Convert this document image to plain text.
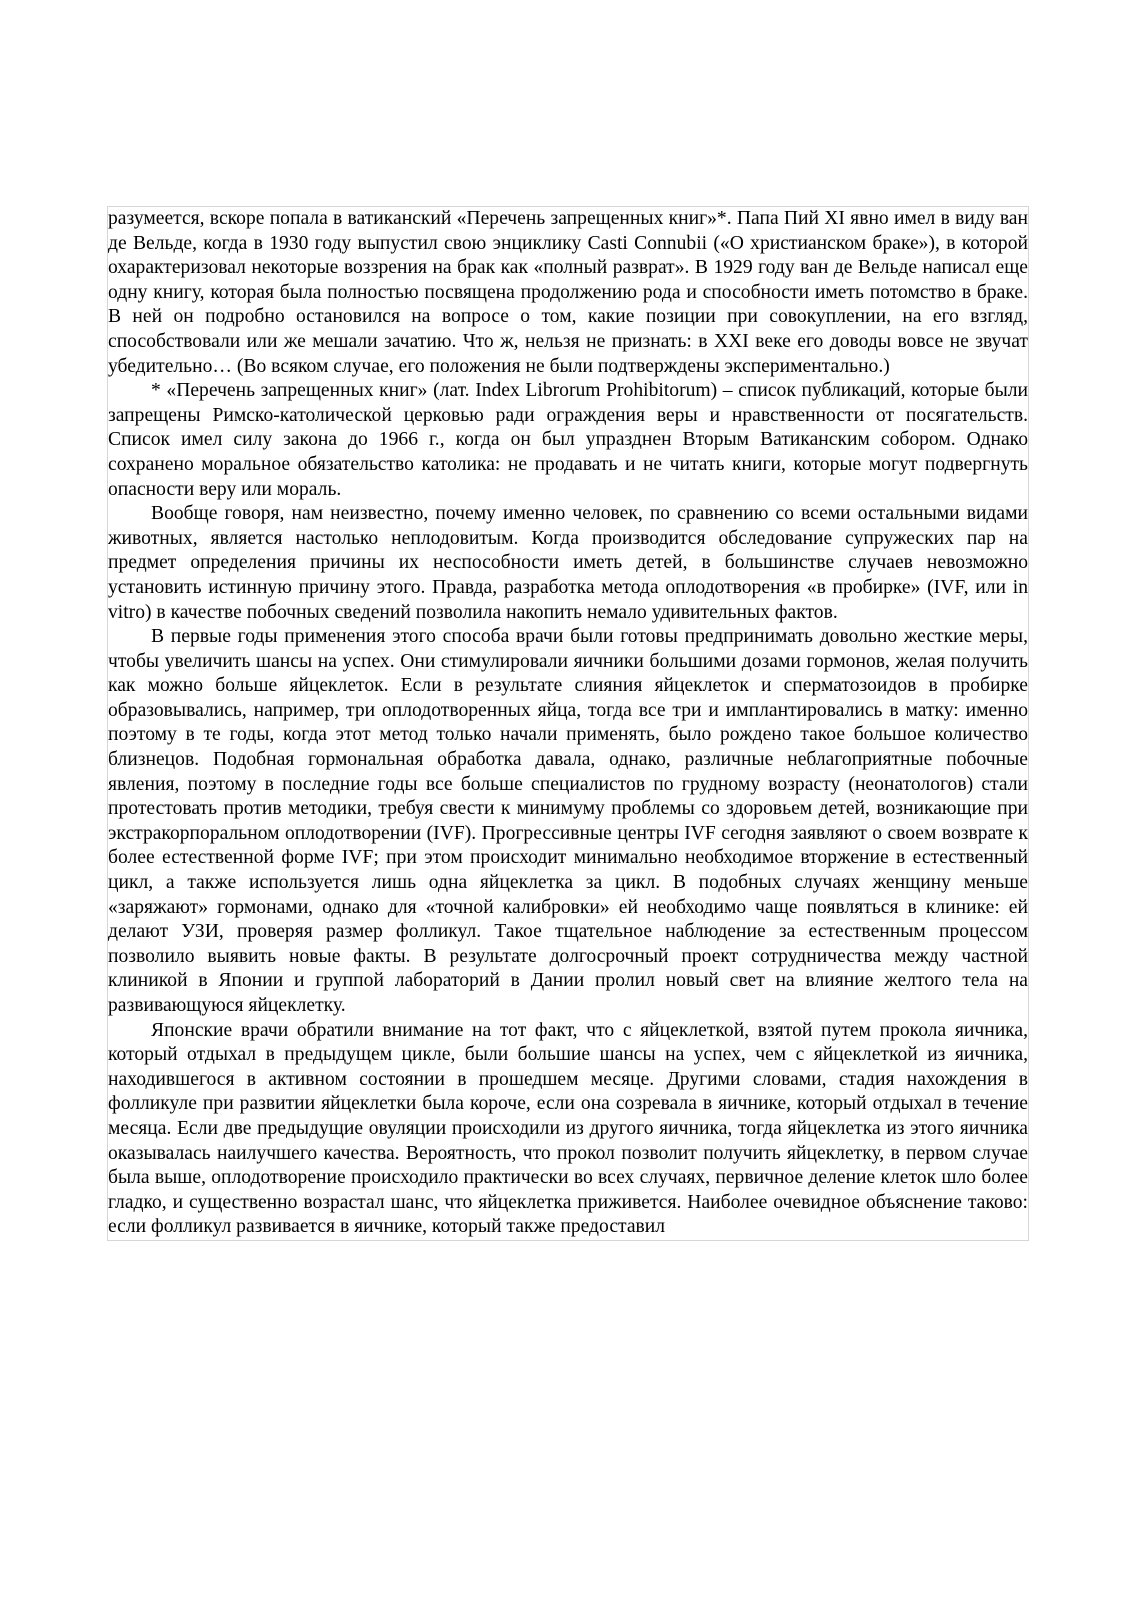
разумеется, вскоре попала в ватиканский «Перечень запрещенных книг»*. Папа Пий XI явно имел в виду ван де Вельде, когда в 1930 году выпустил свою энциклику Casti Connubii («О христианском браке»), в которой охарактеризовал некоторые воззрения на брак как «полный разврат». В 1929 году ван де Вельде написал еще одну книгу, которая была полностью посвящена продолжению рода и способности иметь потомство в браке. В ней он подробно остановился на вопросе о том, какие позиции при совокуплении, на его взгляд, способствовали или же мешали зачатию. Что ж, нельзя не признать: в XXI веке его доводы вовсе не звучат убедительно… (Во всяком случае, его положения не были подтверждены экспериментально.)

* «Перечень запрещенных книг» (лат. Index Librorum Prohibitorum) – список публикаций, которые были запрещены Римско-католической церковью ради ограждения веры и нравственности от посягательств. Список имел силу закона до 1966 г., когда он был упразднен Вторым Ватиканским собором. Однако сохранено моральное обязательство католика: не продавать и не читать книги, которые могут подвергнуть опасности веру или мораль.

Вообще говоря, нам неизвестно, почему именно человек, по сравнению со всеми остальными видами животных, является настолько неплодовитым. Когда производится обследование супружеских пар на предмет определения причины их неспособности иметь детей, в большинстве случаев невозможно установить истинную причину этого. Правда, разработка метода оплодотворения «в пробирке» (IVF, или in vitro) в качестве побочных сведений позволила накопить немало удивительных фактов.

В первые годы применения этого способа врачи были готовы предпринимать довольно жесткие меры, чтобы увеличить шансы на успех. Они стимулировали яичники большими дозами гормонов, желая получить как можно больше яйцеклеток. Если в результате слияния яйцеклеток и сперматозоидов в пробирке образовывались, например, три оплодотворенных яйца, тогда все три и имплантировались в матку: именно поэтому в те годы, когда этот метод только начали применять, было рождено такое большое количество близнецов. Подобная гормональная обработка давала, однако, различные неблагоприятные побочные явления, поэтому в последние годы все больше специалистов по грудному возрасту (неонатологов) стали протестовать против методики, требуя свести к минимуму проблемы со здоровьем детей, возникающие при экстракорпоральном оплодотворении (IVF). Прогрессивные центры IVF сегодня заявляют о своем возврате к более естественной форме IVF; при этом происходит минимально необходимое вторжение в естественный цикл, а также используется лишь одна яйцеклетка за цикл. В подобных случаях женщину меньше «заряжают» гормонами, однако для «точной калибровки» ей необходимо чаще появляться в клинике: ей делают УЗИ, проверяя размер фолликул. Такое тщательное наблюдение за естественным процессом позволило выявить новые факты. В результате долгосрочный проект сотрудничества между частной клиникой в Японии и группой лабораторий в Дании пролил новый свет на влияние желтого тела на развивающуюся яйцеклетку.

Японские врачи обратили внимание на тот факт, что с яйцеклеткой, взятой путем прокола яичника, который отдыхал в предыдущем цикле, были большие шансы на успех, чем с яйцеклеткой из яичника, находившегося в активном состоянии в прошедшем месяце. Другими словами, стадия нахождения в фолликуле при развитии яйцеклетки была короче, если она созревала в яичнике, который отдыхал в течение месяца. Если две предыдущие овуляции происходили из другого яичника, тогда яйцеклетка из этого яичника оказывалась наилучшего качества. Вероятность, что прокол позволит получить яйцеклетку, в первом случае была выше, оплодотворение происходило практически во всех случаях, первичное деление клеток шло более гладко, и существенно возрастал шанс, что яйцеклетка приживется. Наиболее очевидное объяснение таково: если фолликул развивается в яичнике, который также предоставил
